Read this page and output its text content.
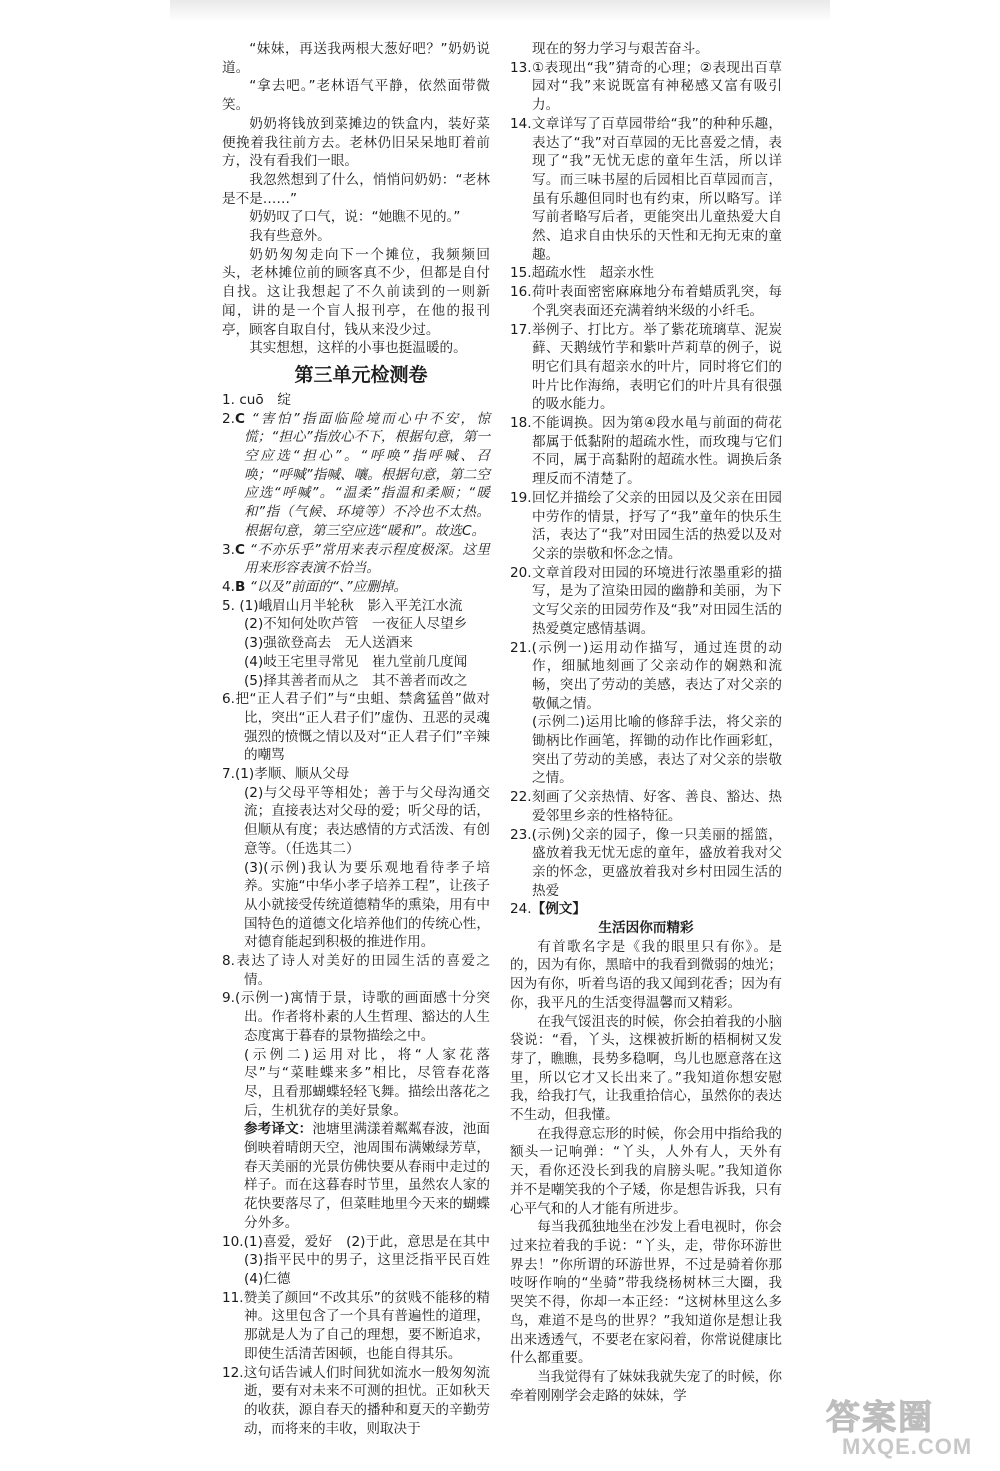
“妹妹，再送我两根大葱好吧？”奶奶说道。

“拿去吧。”老林语气平静，依然面带微笑。

奶奶将钱放到菜摊边的铁盒内，装好菜便挽着我往前方去。老林仍旧呆呆地盯着前方，没有看我们一眼。

我忽然想到了什么，悄悄问奶奶：“老林是不是……”

奶奶叹了口气，说：“她瞧不见的。”

我有些意外。

奶奶匆匆走向下一个摊位，我频频回头，老林摊位前的顾客真不少，但都是自付自找。这让我想起了不久前读到的一则新闻，讲的是一个盲人报刊亭，在他的报刊亭，顾客自取自付，钱从来没少过。

其实想想，这样的小事也挺温暖的。

第三单元检测卷

1. cuō　绽

2.C “害怕”指面临险境而心中不安，惊慌；“担心”指放心不下，根据句意，第一空应选“担心”。“呼唤”指呼喊、召唤；“呼喊”指喊、嚷。根据句意，第二空应选“呼喊”。“温柔”指温和柔顺；“暖和”指（气候、环境等）不冷也不太热。根据句意，第三空应选“暖和”。故选C。

3.C “不亦乐乎”常用来表示程度极深。这里用来形容表演不恰当。

4.B “以及”前面的“、”应删掉。

5. (1)峨眉山月半轮秋　影入平羌江水流

(2)不知何处吹芦管　一夜征人尽望乡

(3)强欲登高去　无人送酒来

(4)岐王宅里寻常见　崔九堂前几度闻

(5)择其善者而从之　其不善者而改之

6.把“正人君子们”与“虫蛆、禁禽猛兽”做对比，突出“正人君子们”虚伪、丑恶的灵魂　强烈的愤慨之情以及对“正人君子们”辛辣的嘲骂

7.(1)孝顺、顺从父母

(2)与父母平等相处；善于与父母沟通交流；直接表达对父母的爱；听父母的话，但顺从有度；表达感情的方式活泼、有创意等。（任选其二）

(3)(示例)我认为要乐观地看待孝子培养。实施“中华小孝子培养工程”，让孩子从小就接受传统道德精华的熏染，用有中国特色的道德文化培养他们的传统心性，对德育能起到积极的推进作用。

8.表达了诗人对美好的田园生活的喜爱之情。

9.(示例一)寓情于景，诗歌的画面感十分突出。作者将朴素的人生哲理、豁达的人生态度寓于暮春的景物描绘之中。

(示例二)运用对比，将“人家花落尽”与“菜畦蝶来多”相比，尽管春花落尽，且看那蝴蝶轻轻飞舞。描绘出落花之后，生机犹存的美好景象。

参考译文：池塘里满漾着粼粼春波，池面倒映着晴朗天空，池周围布满嫩绿芳草，春天美丽的光景仿佛快要从春雨中走过的样子。而在这暮春时节里，虽然农人家的花快要落尽了，但菜畦地里今天来的蝴蝶分外多。

10.(1)喜爱，爱好　(2)于此，意思是在其中　(3)指平民中的男子，这里泛指平民百姓　(4)仁德

11.赞美了颜回“不改其乐”的贫贱不能移的精神。这里包含了一个具有普遍性的道理，那就是人为了自己的理想，要不断追求，即使生活清苦困顿，也能自得其乐。

12.这句话告诫人们时间犹如流水一般匆匆流逝，要有对未来不可测的担忧。正如秋天的收获，源自春天的播种和夏天的辛勤劳动，而将来的丰收，则取决于

现在的努力学习与艰苦奋斗。

13.①表现出“我”猜奇的心理；②表现出百草园对“我”来说既富有神秘感又富有吸引力。

14.文章详写了百草园带给“我”的种种乐趣，表达了“我”对百草园的无比喜爱之情，表现了“我”无忧无虑的童年生活，所以详写。而三味书屋的后园相比百草园而言，虽有乐趣但同时也有约束，所以略写。详写前者略写后者，更能突出儿童热爱大自然、追求自由快乐的天性和无拘无束的童趣。

15.超疏水性　超亲水性

16.荷叶表面密密麻麻地分布着蜡质乳突，每个乳突表面还充满着纳米级的小纤毛。

17.举例子、打比方。举了紫花琉璃草、泥炭藓、天鹅绒竹芋和紫叶芦莉草的例子，说明它们具有超亲水的叶片，同时将它们的叶片比作海绵，表明它们的叶片具有很强的吸水能力。

18.不能调换。因为第④段水黾与前面的荷花都属于低黏附的超疏水性，而玫瑰与它们不同，属于高黏附的超疏水性。调换后条理反而不清楚了。

19.回忆并描绘了父亲的田园以及父亲在田园中劳作的情景，抒写了“我”童年的快乐生活，表达了“我”对田园生活的热爱以及对父亲的崇敬和怀念之情。

20.文章首段对田园的环境进行浓墨重彩的描写，是为了渲染田园的幽静和美丽，为下文写父亲的田园劳作及“我”对田园生活的热爱奠定感情基调。

21.(示例一)运用动作描写，通过连贯的动作，细腻地刻画了父亲动作的娴熟和流畅，突出了劳动的美感，表达了对父亲的敬佩之情。

(示例二)运用比喻的修辞手法，将父亲的锄柄比作画笔，挥锄的动作比作画彩虹，突出了劳动的美感，表达了对父亲的崇敬之情。

22.刻画了父亲热情、好客、善良、豁达、热爱邻里乡亲的性格特征。

23.(示例)父亲的园子，像一只美丽的摇篮，盛放着我无忧无虑的童年，盛放着我对父亲的怀念，更盛放着我对乡村田园生活的热爱

24.【例文】

生活因你而精彩

有首歌名字是《我的眼里只有你》。是的，因为有你，黑暗中的我看到微弱的烛光；因为有你，听着鸟语的我又闻到花香；因为有你，我平凡的生活变得温馨而又精彩。

在我气馁沮丧的时候，你会拍着我的小脑袋说：“看，丫头，这棵被折断的梧桐树又发芽了，瞧瞧，長势多稳啊，鸟儿也愿意落在这里，所以它才又长出来了。”我知道你想安慰我，给我打气，让我重拾信心，虽然你的表达不生动，但我懂。

在我得意忘形的时候，你会用中指给我的额头一记响弹：“丫头，人外有人，天外有天，看你还没长到我的肩膀头呢。”我知道你并不是嘲笑我的个子矮，你是想告诉我，只有心平气和的人才能有所进步。

每当我孤独地坐在沙发上看电视时，你会过来拉着我的手说：“丫头，走，带你环游世界去！”你所谓的环游世界，不过是骑着你那吱呀作响的“坐骑”带我绕杨树林三大圈，我哭笑不得，你却一本正经：“这树林里这么多鸟，难道不是鸟的世界？”我知道你是想让我出来透透气，不要老在家闷着，你常说健康比什么都重要。

当我觉得有了妹妹我就失宠了的时候，你牵着刚刚学会走路的妹妹，学

答案圈
MXQE.COM
